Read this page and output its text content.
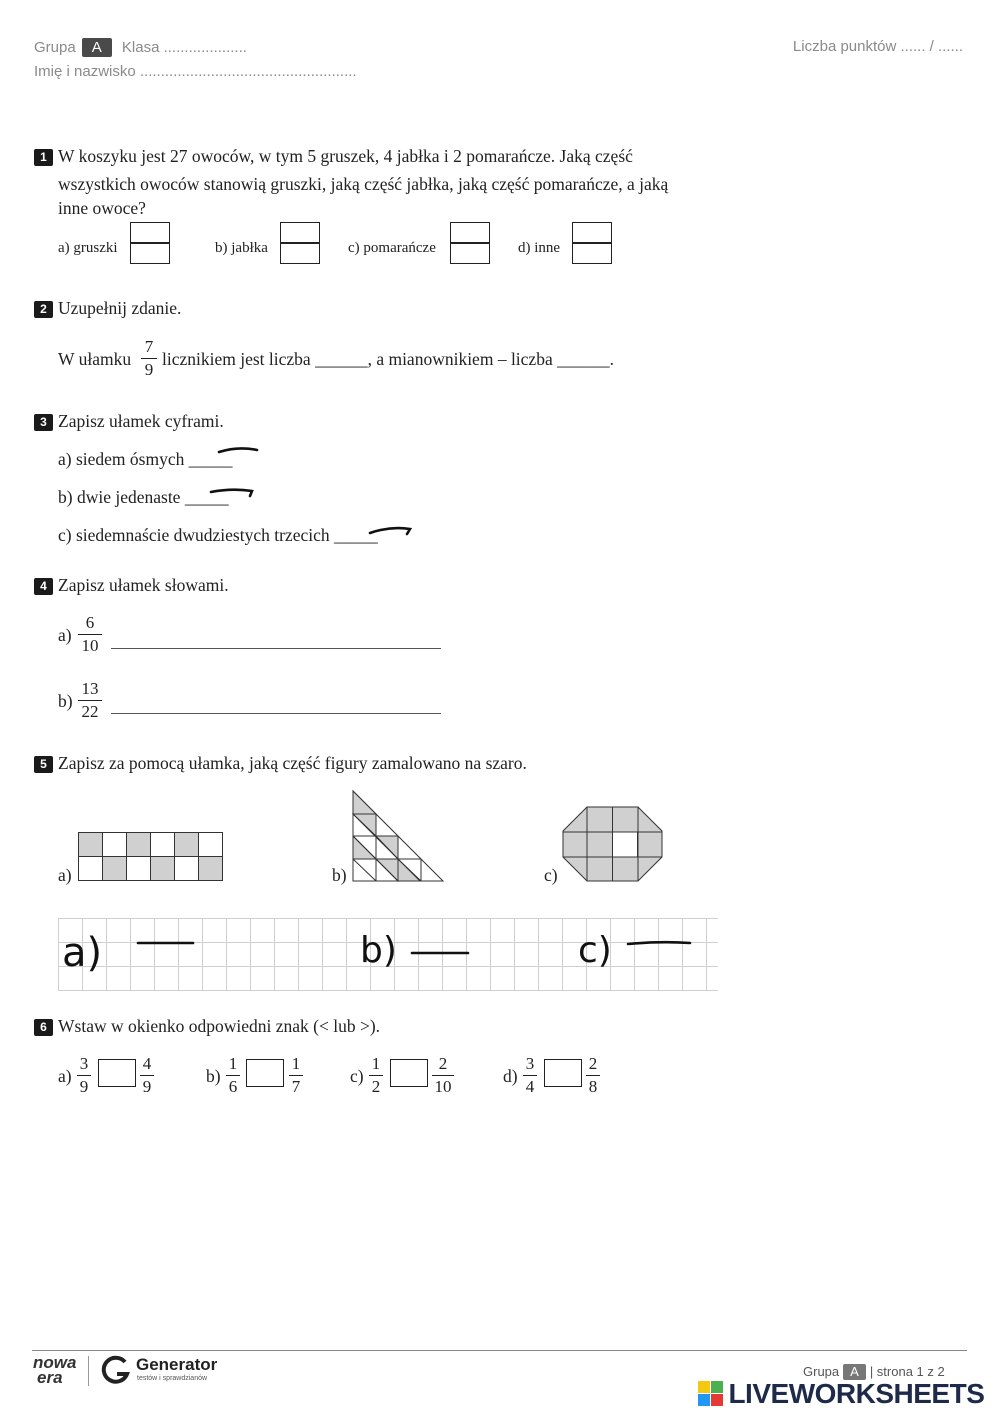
Grupa A Klasa ....................	Liczba punktów ...... / ......
Imię i nazwisko ....................................................
1 W koszyku jest 27 owoców, w tym 5 gruszek, 4 jabłka i 2 pomarańcze. Jaką część
wszystkich owoców stanowią gruszki, jaką część jabłka, jaką część pomarańcze, a jaką
inne owoce?
a) gruszki	b) jabłka	c) pomarańcze	d) inne
2 Uzupełnij zdanie.
W ułamku
7
9
licznikiem jest liczba ______, a mianownikiem – liczba ______.
3 Zapisz ułamek cyframi.
a) siedem ósmych _____
b) dwie jedenaste _____
c) siedemnaście dwudziestych trzecich _____
4 Zapisz ułamek słowami.
a)
6
10
b)
13
22
5 Zapisz za pomocą ułamka, jaką część figury zamalowano na szaro.
a)	b)	c)
a)	b)	c)
6 Wstaw w okienko odpowiedni znak (< lub >).
a)
3
9
4
9
b)
1
6
1
7
c)
1
2
2
10
d)
3
4
2
8
nowa
era
Generator
testów i sprawdzianów	Grupa A | strona 1 z 2
LIVEWORKSHEETS
